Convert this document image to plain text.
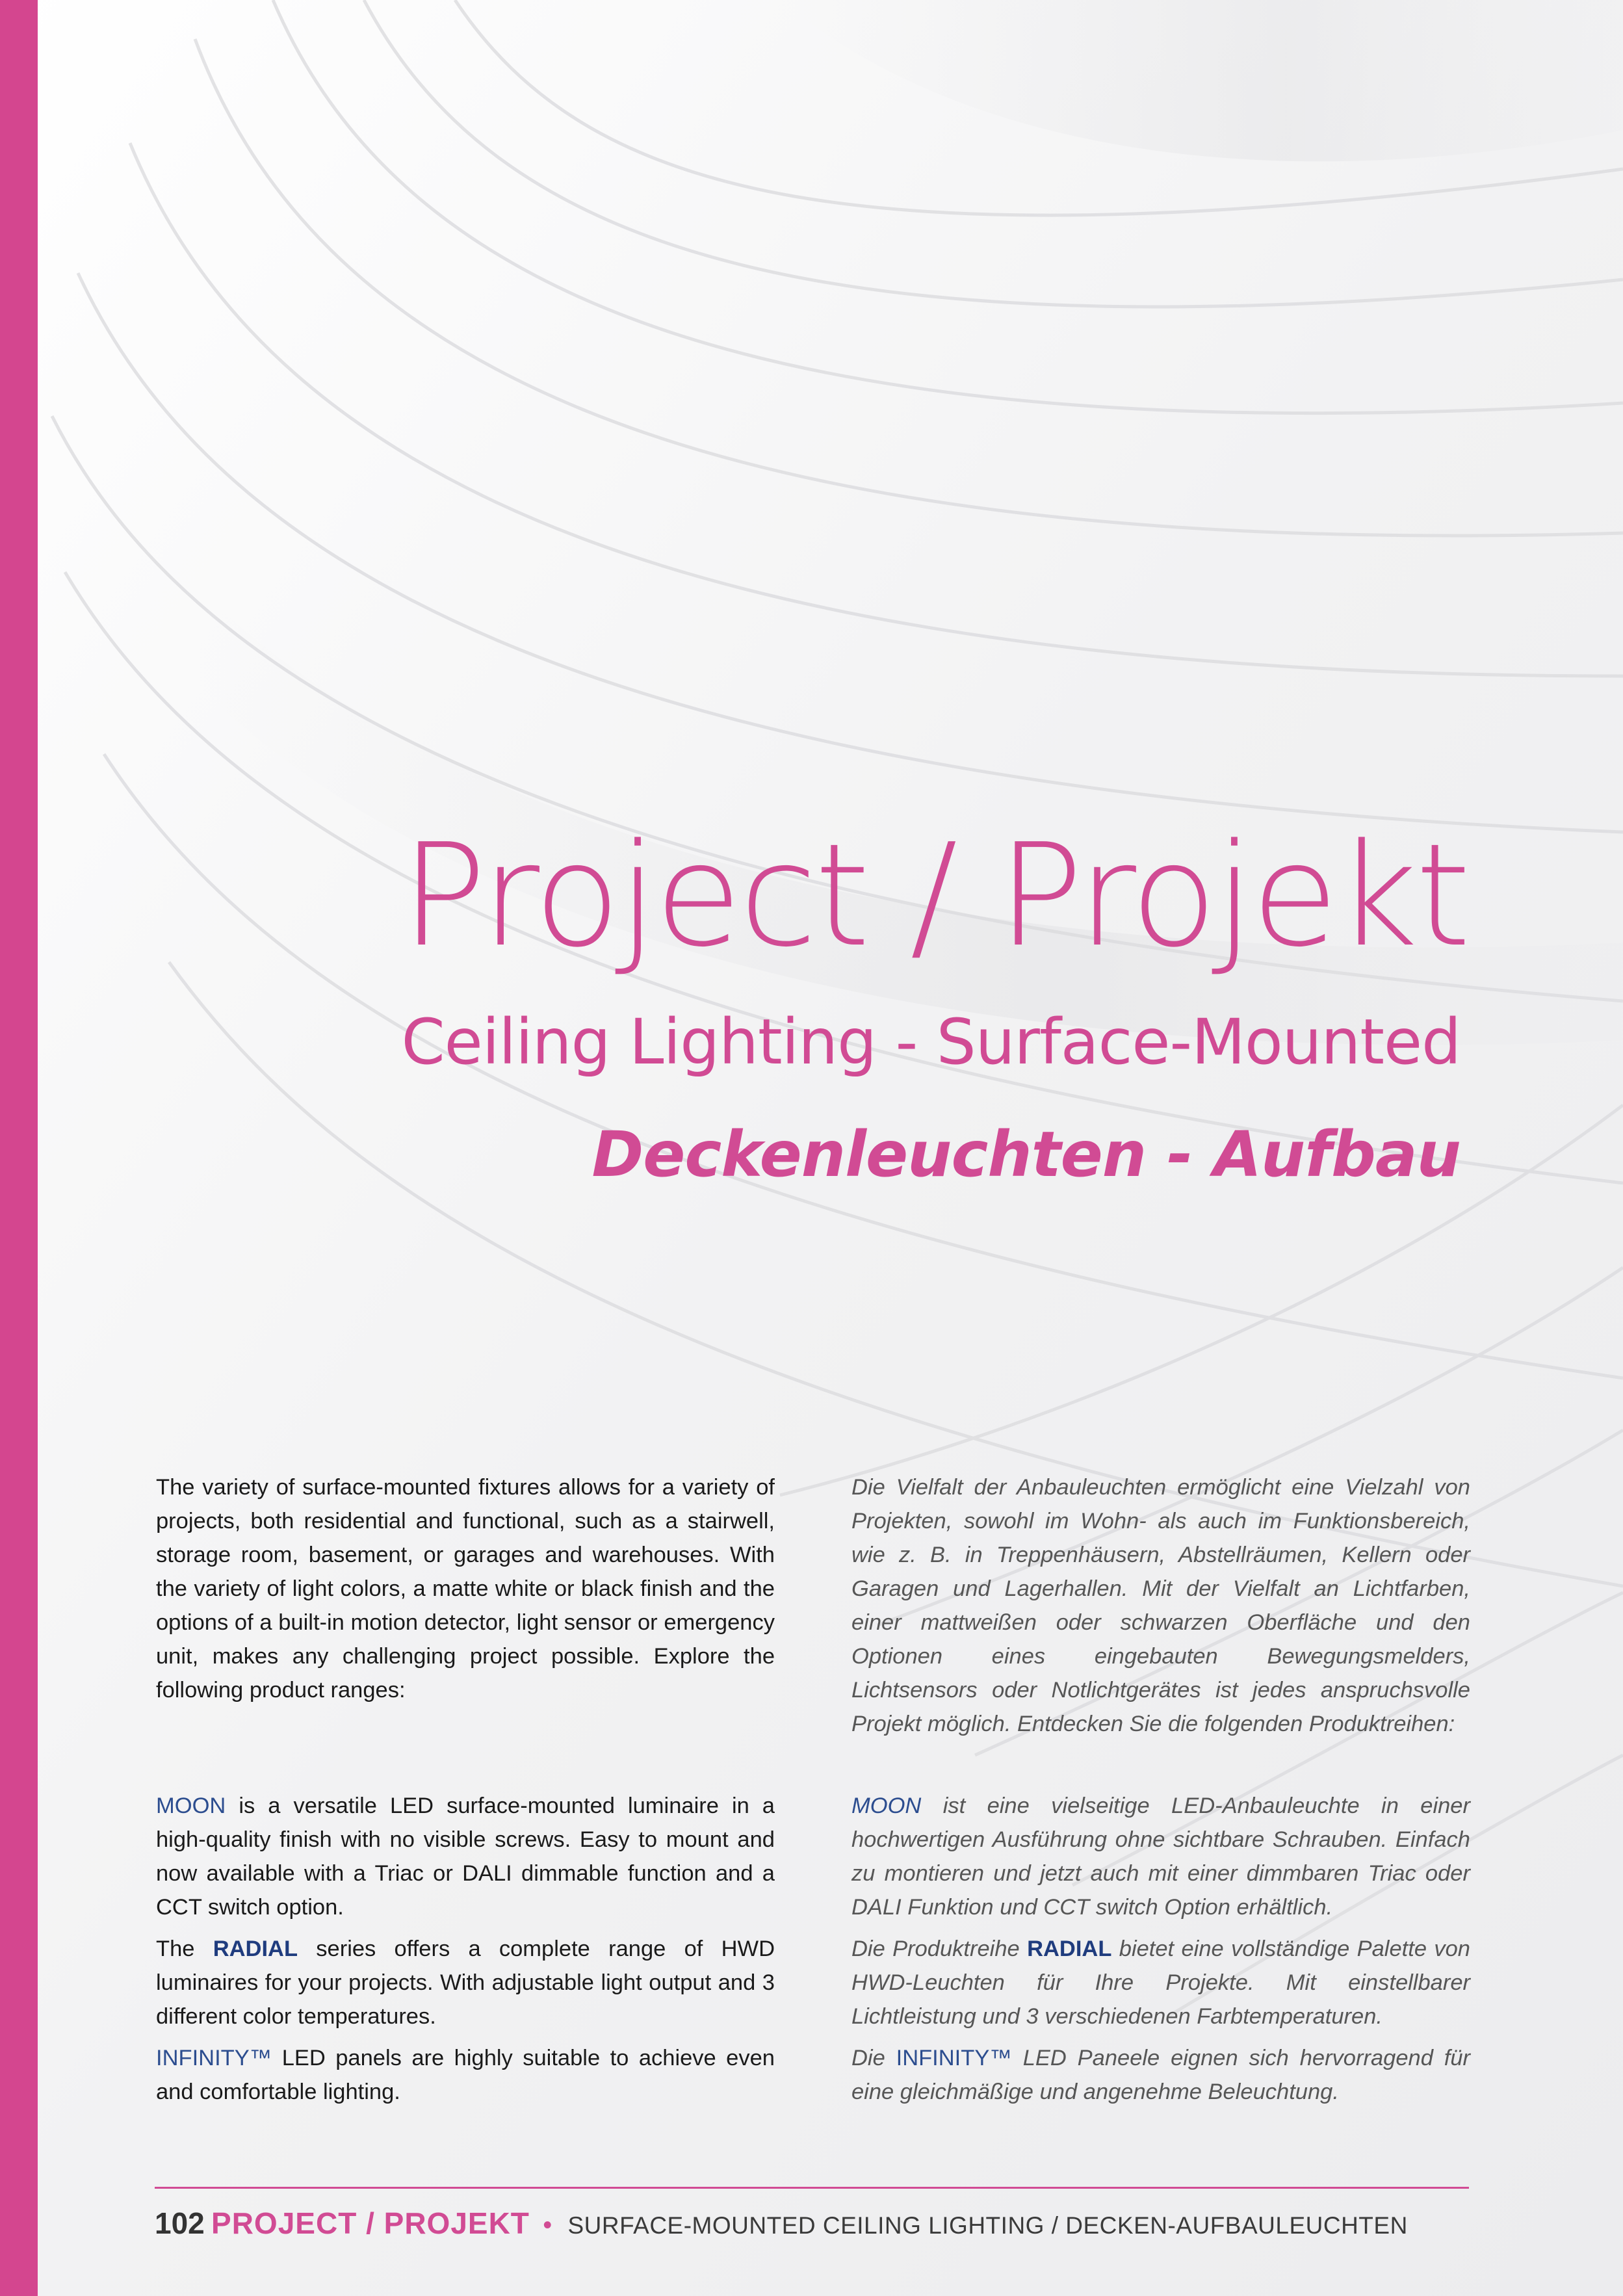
Project / Projekt
Ceiling Lighting - Surface-Mounted
Deckenleuchten - Aufbau

The variety of surface-mounted fixtures allows for a variety of projects, both residential and functional, such as a stairwell, storage room, basement, or garages and warehouses. With the variety of light colors, a matte white or black finish and the options of a built-in motion detector, light sensor or emergency unit, makes any challenging project possible. Explore the following product ranges:

Die Vielfalt der Anbauleuchten ermöglicht eine Vielzahl von Projekten, sowohl im Wohn- als auch im Funktionsbereich, wie z. B. in Treppenhäusern, Abstellräumen, Kellern oder Garagen und Lagerhallen. Mit der Vielfalt an Lichtfarben, einer mattweißen oder schwarzen Oberfläche und den Optionen eines eingebauten Bewegungsmelders, Lichtsensors oder Notlichtgerätes ist jedes anspruchsvolle Projekt möglich. Entdecken Sie die folgenden Produktreihen:

MOON is a versatile LED surface-mounted luminaire in a high-quality finish with no visible screws. Easy to mount and now available with a Triac or DALI dimmable function and a CCT switch option.

The RADIAL series offers a complete range of HWD luminaires for your projects. With adjustable light output and 3 different color temperatures.

INFINITY™ LED panels are highly suitable to achieve even and comfortable lighting.

MOON ist eine vielseitige LED-Anbauleuchte in einer hochwertigen Ausführung ohne sichtbare Schrauben. Einfach zu montieren und jetzt auch mit einer dimmbaren Triac oder DALI Funktion und CCT switch Option erhältlich.

Die Produktreihe RADIAL bietet eine vollständige Palette von HWD-Leuchten für Ihre Projekte. Mit einstellbarer Lichtleistung und 3 verschiedenen Farbtemperaturen.

Die INFINITY™ LED Paneele eignen sich hervorragend für eine gleichmäßige und angenehme Beleuchtung.

102 PROJECT / PROJEKT • SURFACE-MOUNTED CEILING LIGHTING / DECKEN-AUFBAULEUCHTEN
